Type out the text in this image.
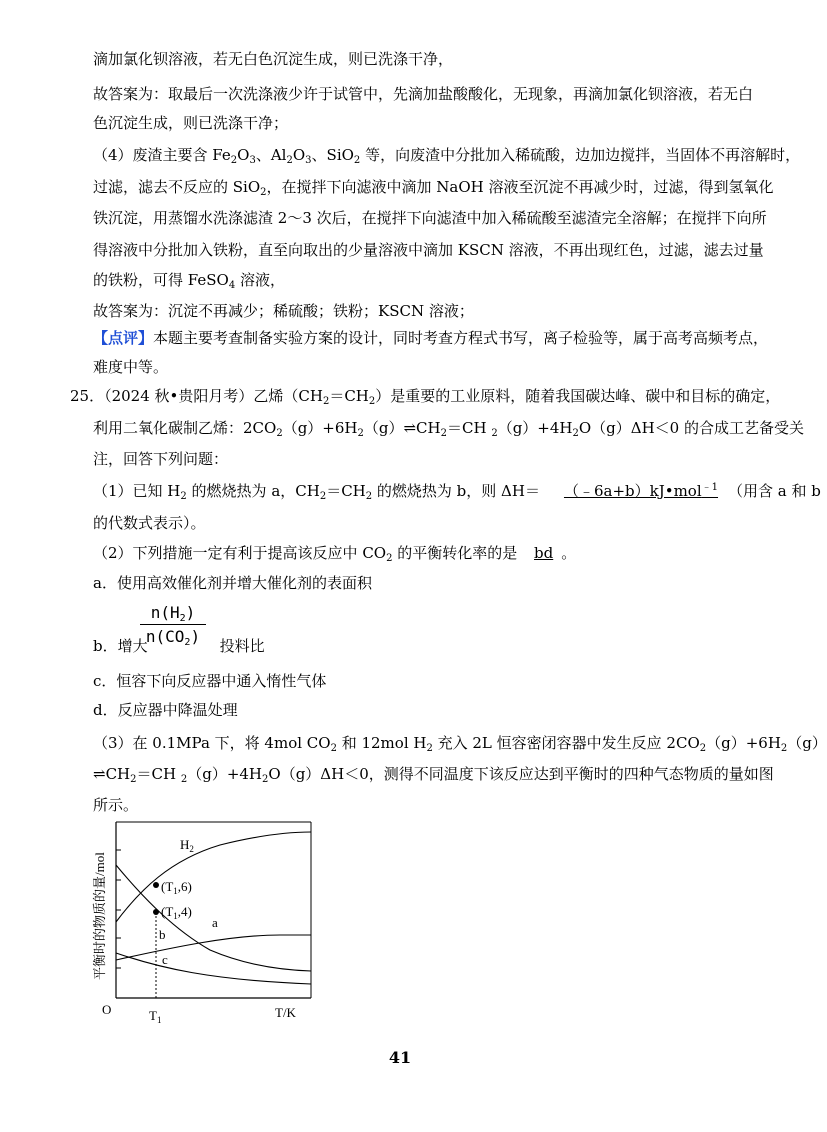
滴加氯化钡溶液，若无白色沉淀生成，则已洗涤干净，
故答案为：取最后一次洗涤液少许于试管中，先滴加盐酸酸化，无现象，再滴加氯化钡溶液，若无白
色沉淀生成，则已洗涤干净；
（4）废渣主要含 $Fe_2O_3$、$Al_2O_3$、SiO$_2$ 等，向废渣中分批加入稀硫酸，边加边搅拌，当固体不再溶解时，
过滤，滤去不反应的 SiO$_2$，在搅拌下向滤液中滴加 NaOH 溶液至沉淀不再减少时，过滤，得到氢氧化
铁沉淀，用蒸馏水洗涤滤渣 2～3 次后，在搅拌下向滤渣中加入稀硫酸至滤渣完全溶解；在搅拌下向所
得溶液中分批加入铁粉，直至向取出的少量溶液中滴加 KSCN 溶液，不再出现红色，过滤，滤去过量
的铁粉，可得 FeSO$_4$ 溶液，
故答案为：沉淀不再减少；稀硫酸；铁粉；KSCN 溶液；
【点评】本题主要考查制备实验方案的设计，同时考查方程式书写，离子检验等，属于高考高频考点，
难度中等。
25．（2024 秋•贵阳月考）乙烯$(CH_2=CH_2)$是重要的工业原料，随着我国碳达峰、碳中和目标的确定，
利用二氧化碳制乙烯：$2CO_2(g)+6H_2(g)\rightleftharpoons CH_2=CH$ $_2(g)+4H_2O(g)\Delta H<0$ 的合成工艺备受关
注，回答下列问题：
（1）已知 $H_2$ 的燃烧热为 a，$CH_2=CH_2$ 的燃烧热为 b，则 ΔH＝ （﹣6a+b）kJ•mol$^{﹣1}$ （用含 a 和 b
的代数式表示）。
（2）下列措施一定有利于提高该反应中 $CO_2$ 的平衡转化率的是 bd 。
a．使用高效催化剂并增大催化剂的表面积
$n(H_2)$
$n(CO_2)$
b．增大	投料比
c．恒容下向反应器中通入惰性气体
d．反应器中降温处理
（3）在 0.1MPa 下，将 4mol $CO_2$ 和 12mol $H_2$ 充入 2L 恒容密闭容器中发生反应 $2CO_2(g)+6H_2(g)$
$\rightleftharpoons CH_2=CH$ $_2(g)+4H_2O(g)\Delta H<0$，测得不同温度下该反应达到平衡时的四种气态物质的量如图
所示。
$(T_1,6)$
$(T_1,4)$
$H_2$
a
b
c
O	$T_1$	T/K
平衡时的物质的量/mol
41
